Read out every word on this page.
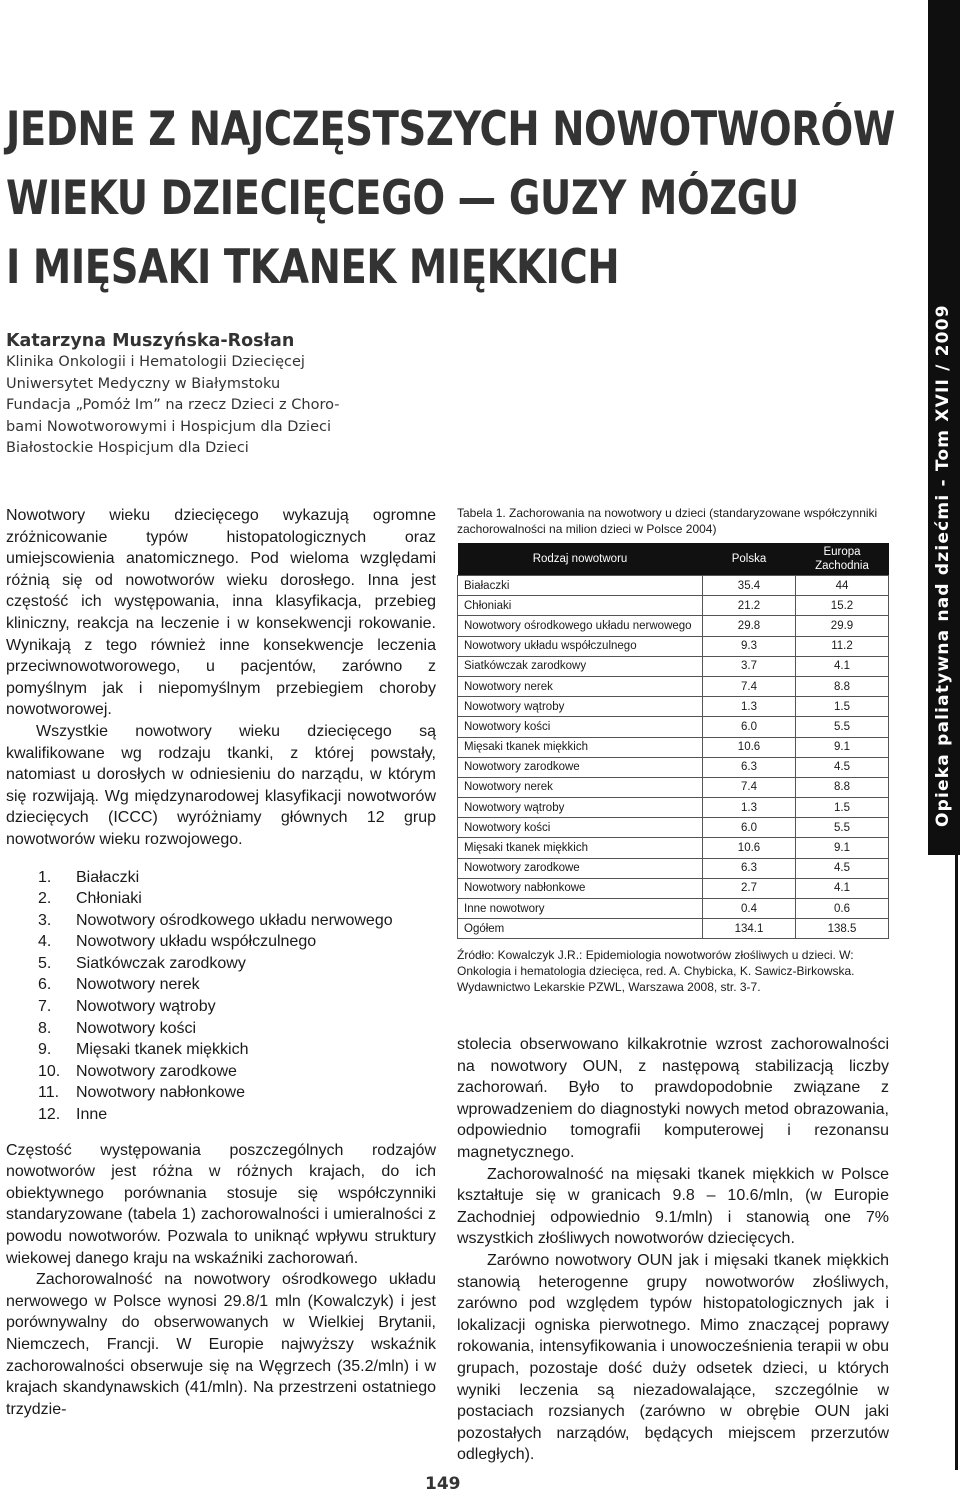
Opieka paliatywna nad dziećmi - Tom XVII / 2009
JEDNE Z NAJCZĘSTSZYCH NOWOTWORÓW
WIEKU DZIECIĘCEGO — GUZY MÓZGU
I MIĘSAKI TKANEK MIĘKKICH
Katarzyna Muszyńska-Rosłan
Klinika Onkologii i Hematologii Dziecięcej
Uniwersytet Medyczny w Białymstoku
Fundacja „Pomóż Im” na rzecz Dzieci z Choro-
bami Nowotworowymi i Hospicjum dla Dzieci
Białostockie Hospicjum dla Dzieci

Nowotwory wieku dziecięcego wykazują ogromne zróżnicowanie typów histopatologicznych oraz umiejscowienia anatomicznego. Pod wieloma względami różnią się od nowotworów wieku dorosłego. Inna jest częstość ich występowania, inna klasyfikacja, przebieg kliniczny, reakcja na leczenie i w konsekwencji rokowanie. Wynikają z tego również inne konsekwencje leczenia przeciwnowotworowego, u pacjentów, zarówno z pomyślnym jak i niepomyślnym przebiegiem choroby nowotworowej.

Wszystkie nowotwory wieku dziecięcego są kwalifikowane wg rodzaju tkanki, z której powstały, natomiast u dorosłych w odniesieniu do narządu, w którym się rozwijają. Wg międzynarodowej klasyfikacji nowotworów dziecięcych (ICCC) wyróżniamy głównych 12 grup nowotworów wieku rozwojowego.

1.	Białaczki
2.	Chłoniaki
3.	Nowotwory ośrodkowego układu nerwowego
4.	Nowotwory układu współczulnego
5.	Siatkówczak zarodkowy
6.	Nowotwory nerek
7.	Nowotwory wątroby
8.	Nowotwory kości
9.	Mięsaki tkanek miękkich
10. Nowotwory zarodkowe
11.	Nowotwory nabłonkowe
12. Inne

Częstość występowania poszczególnych rodzajów nowotworów jest różna w różnych krajach, do ich obiektywnego porównania stosuje się współczynniki standaryzowane (tabela 1) zachorowalności i umieralności z powodu nowotworów. Pozwala to uniknąć wpływu struktury wiekowej danego kraju na wskaźniki zachorowań.

Zachorowalność na nowotwory ośrodkowego układu nerwowego w Polsce wynosi 29.8/1 mln (Kowalczyk) i jest porównywalny do obserwowanych w Wielkiej Brytanii, Niemczech, Francji. W Europie najwyższy wskaźnik zachorowalności obserwuje się na Węgrzech (35.2/mln) i w krajach skandynawskich (41/mln). Na przestrzeni ostatniego trzydzie-

Tabela 1. Zachorowania na nowotwory u dzieci (standaryzowane współczynniki zachorowalności na milion dzieci w Polsce 2004)

Rodzaj nowotworu	Polska	Europa Zachodnia
Białaczki	35.4	44
Chłoniaki	21.2	15.2
Nowotwory ośrodkowego układu nerwowego	29.8	29.9
Nowotwory układu współczulnego	9.3	11.2
Siatkówczak zarodkowy	3.7	4.1
Nowotwory nerek	7.4	8.8
Nowotwory wątroby	1.3	1.5
Nowotwory kości	6.0	5.5
Mięsaki tkanek miękkich	10.6	9.1
Nowotwory zarodkowe	6.3	4.5
Nowotwory nerek	7.4	8.8
Nowotwory wątroby	1.3	1.5
Nowotwory kości	6.0	5.5
Mięsaki tkanek miękkich	10.6	9.1
Nowotwory zarodkowe	6.3	4.5
Nowotwory nabłonkowe	2.7	4.1
Inne nowotwory	0.4	0.6
Ogółem	134.1	138.5

Źródło: Kowalczyk J.R.: Epidemiologia nowotworów złośliwych u dzieci. W: Onkologia i hematologia dziecięca, red. A. Chybicka, K. Sawicz-Birkowska. Wydawnictwo Lekarskie PZWL, Warszawa 2008, str. 3-7.

stolecia obserwowano kilkakrotnie wzrost zachorowalności na nowotwory OUN, z następową stabilizacją liczby zachorowań. Było to prawdopodobnie związane z wprowadzeniem do diagnostyki nowych metod obrazowania, odpowiednio tomografii komputerowej i rezonansu magnetycznego.

Zachorowalność na mięsaki tkanek miękkich w Polsce kształtuje się w granicach 9.8 – 10.6/mln, (w Europie Zachodniej odpowiednio 9.1/mln) i stanowią one 7% wszystkich złośliwych nowotworów dziecięcych.

Zarówno nowotwory OUN jak i mięsaki tkanek miękkich stanowią heterogenne grupy nowotworów złośliwych, zarówno pod względem typów histopatologicznych jak i lokalizacji ogniska pierwotnego. Mimo znaczącej poprawy rokowania, intensyfikowania i unowocześnienia terapii w obu grupach, pozostaje dość duży odsetek dzieci, u których wyniki leczenia są niezadowalające, szczególnie w postaciach rozsianych (zarówno w obrębie OUN jaki pozostałych narządów, będących miejscem przerzutów odległych).

149
